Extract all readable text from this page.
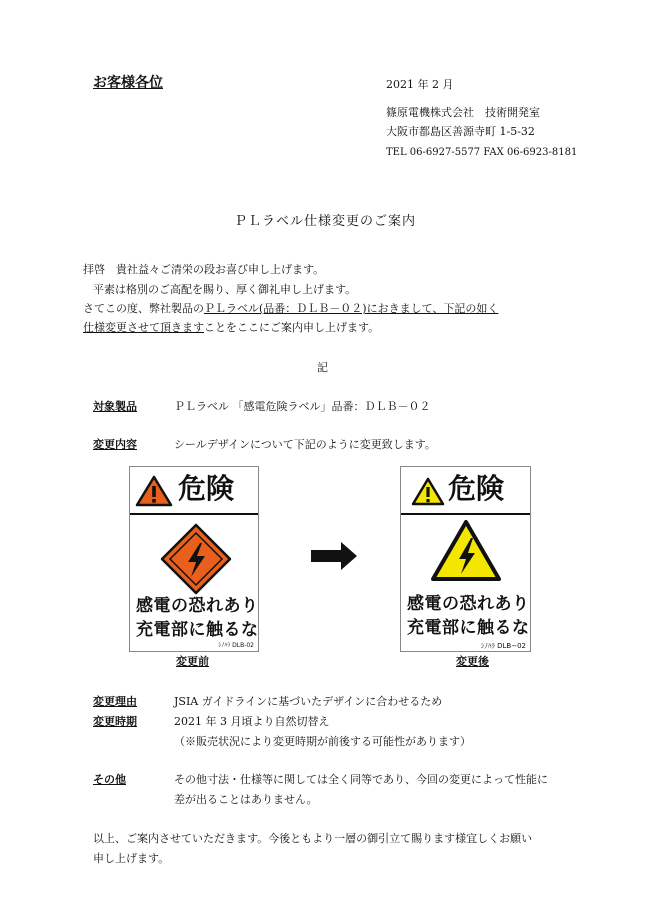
お客様各位	2021 年 2 月
篠原電機株式会社　技術開発室
大阪市都島区善源寺町 1-5-32
TEL 06-6927-5577 FAX 06-6923-8181
ＰＬラベル仕様変更のご案内
拝啓　貴社益々ご清栄の段お喜び申し上げます。
平素は格別のご高配を賜り、厚く御礼申し上げます。
さてこの度、弊社製品のＰＬラベル(品番：ＤＬＢ－０２)におきまして、下記の如く
仕様変更させて頂きますことをここにご案内申し上げます。
記
対象製品	ＰＬラベル 「感電危険ラベル」品番：ＤＬＢ－０２
変更内容	シールデザインについて下記のように変更致します。
危険
感電の恐れあり
充電部に触るな
ｼﾉﾊﾗ DLB-02
変更前
危険
感電の恐れあり
充電部に触るな
ｼﾉﾊﾗ DLB−02
変更後
変更理由	JSIA ガイドラインに基づいたデザインに合わせるため
変更時期	2021 年 3 月頃より自然切替え
（※販売状況により変更時期が前後する可能性があります）
その他	その他寸法・仕様等に関しては全く同等であり、今回の変更によって性能に
差が出ることはありません。
以上、ご案内させていただきます。今後ともより一層の御引立て賜ります様宜しくお願い
申し上げます。
